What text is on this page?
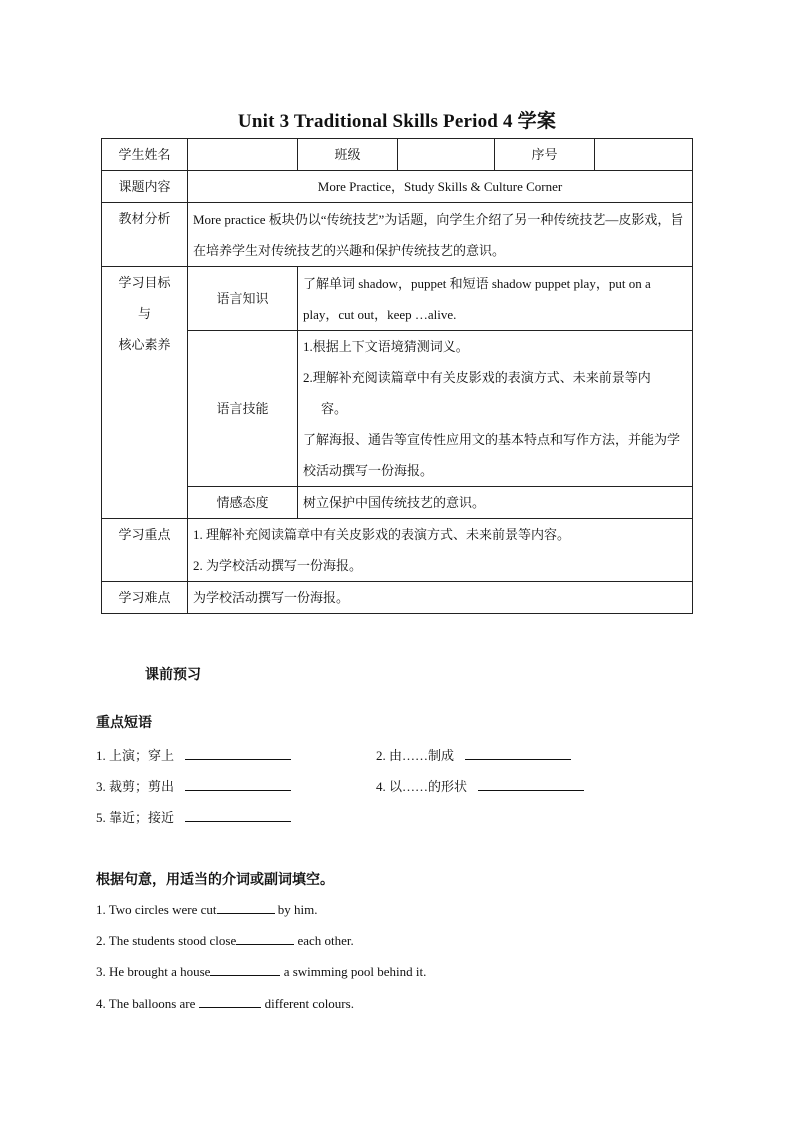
Unit 3 Traditional Skills Period 4 学案
学生姓名		班级		序号	
课题内容	More Practice，Study Skills & Culture Corner				
教材分析	More practice 板块仍以“传统技艺”为话题，向学生介绍了另一种传统技艺—皮影戏，旨在培养学生对传统技艺的兴趣和保护传统技艺的意识。				

学习目标
与
核心素养	语言知识	了解单词 shadow，puppet 和短语 shadow puppet play，put on a play，cut out，keep …alive.			
	语言技能	1.根据上下文语境猜测词义。
2.理解补充阅读篇章中有关皮影戏的表演方式、未来前景等内
容。
了解海报、通告等宣传性应用文的基本特点和写作方法，并能为学校活动撰写一份海报。			

	情感态度	树立保护中国传统技艺的意识。			
学习重点	1. 理解补充阅读篇章中有关皮影戏的表演方式、未来前景等内容。
2. 为学校活动撰写一份海报。				

学习难点	为学校活动撰写一份海报。				
课前预习
重点短语
1. 上演；穿上	2. 由……制成
3. 裁剪；剪出	4. 以……的形状
5. 靠近；接近
根据句意，用适当的介词或副词填空。
1. Two circles were cut	by him.
2. The students stood close	each other.
3. He brought a house	a swimming pool behind it.
4. The balloons are	different colours.
